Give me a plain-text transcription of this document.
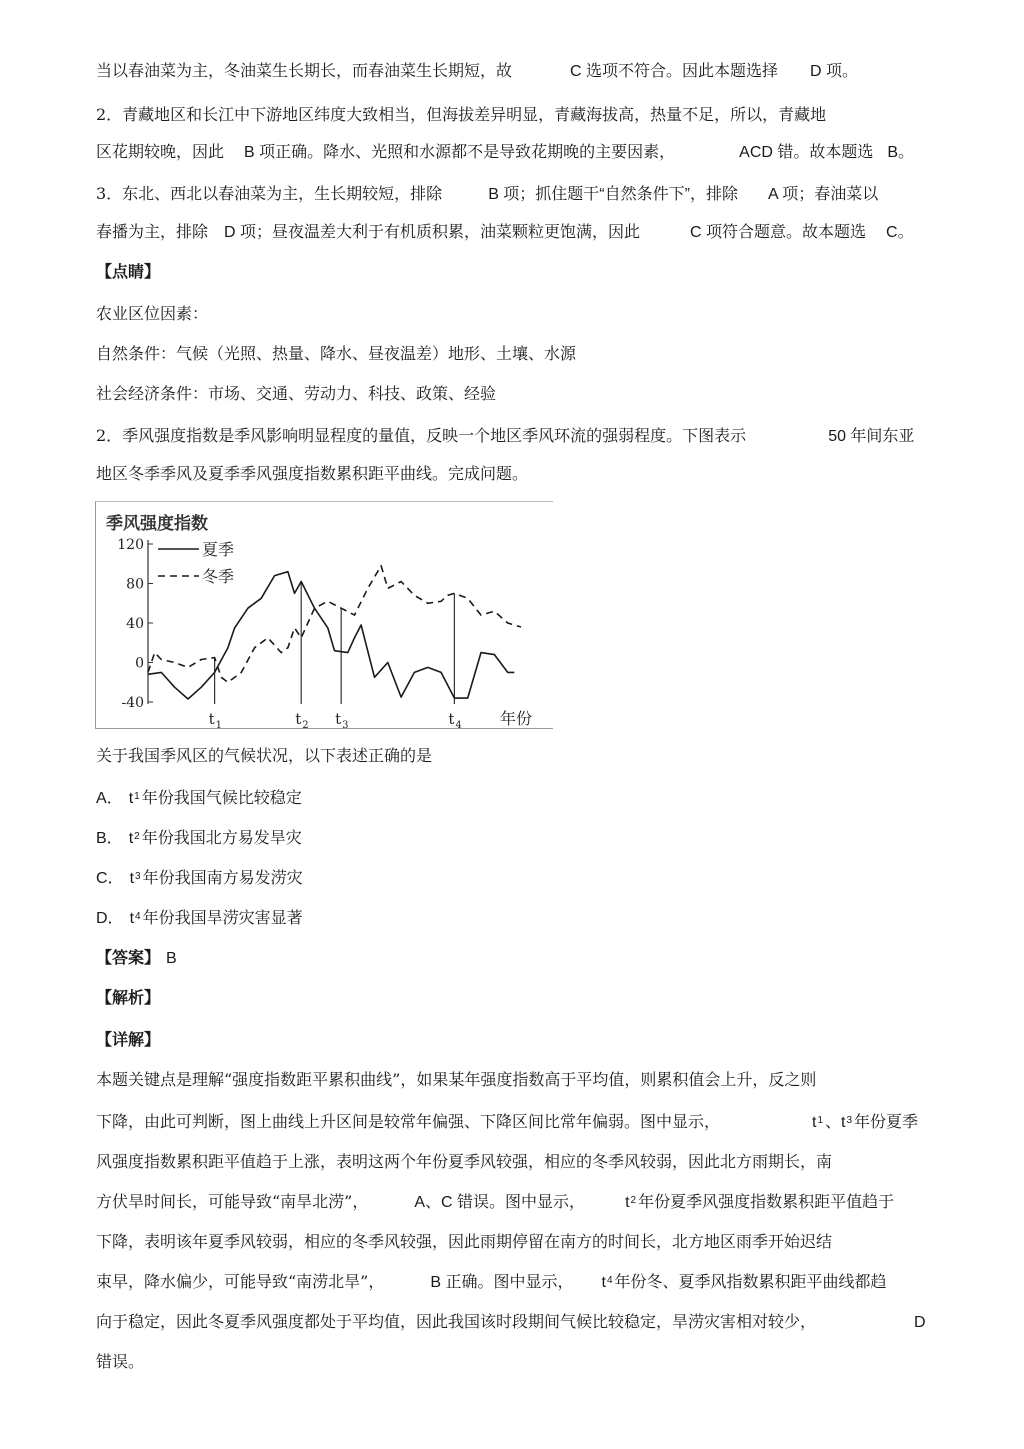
当以春油菜为主，冬油菜生长期长，而春油菜生长期短，故	C 选项不符合。因此本题选择 D 项。
2．青藏地区和长江中下游地区纬度大致相当，但海拔差异明显，青藏海拔高，热量不足，所以，青藏地
区花期较晚，因此 B 项正确。降水、光照和水源都不是导致花期晚的主要因素，	ACD 错。故本题选 B。
3．东北、西北以春油菜为主，生长期较短，排除	B 项；抓住题干“自然条件下”，排除 A 项；春油菜以
春播为主，排除 D 项；昼夜温差大利于有机质积累，油菜颗粒更饱满，因此	C 项符合题意。故本题选 C。
【点睛】
农业区位因素：
自然条件：气候（光照、热量、降水、昼夜温差）地形、土壤、水源
社会经济条件：市场、交通、劳动力、科技、政策、经验
2．季风强度指数是季风影响明显程度的量值，反映一个地区季风环流的强弱程度。下图表示	50 年间东亚
地区冬季季风及夏季季风强度指数累积距平曲线。完成问题。
季风强度指数
120
80
40
0
-40
t 1	t 2 t 3	t 4
夏季
冬季
年份
关于我国季风区的气候状况，以下表述正确的是
A． $t^1$ 年份我国气候比较稳定
B． $t^2$ 年份我国北方易发旱灾
C． $t^3$ 年份我国南方易发涝灾
D． $t^4$ 年份我国旱涝灾害显著
【答案】 B
【解析】
【详解】
本题关键点是理解“强度指数距平累积曲线”，如果某年强度指数高于平均值，则累积值会上升，反之则
下降，由此可判断，图上曲线上升区间是较常年偏强、下降区间比常年偏弱。图中显示，	$t^1$ 、$t^3$ 年份夏季
风强度指数累积距平值趋于上涨，表明这两个年份夏季风较强，相应的冬季风较弱，因此北方雨期长，南
方伏旱时间长，可能导致“南旱北涝”，	A、C 错误。图中显示，	$t^2$ 年份夏季风强度指数累积距平值趋于
下降，表明该年夏季风较弱，相应的冬季风较强，因此雨期停留在南方的时间长，北方地区雨季开始迟结
束早，降水偏少，可能导致“南涝北旱”，	B 正确。图中显示， $t^4$ 年份冬、夏季风指数累积距平曲线都趋
向于稳定，因此冬夏季风强度都处于平均值，因此我国该时段期间气候比较稳定，旱涝灾害相对较少，	D
错误。
